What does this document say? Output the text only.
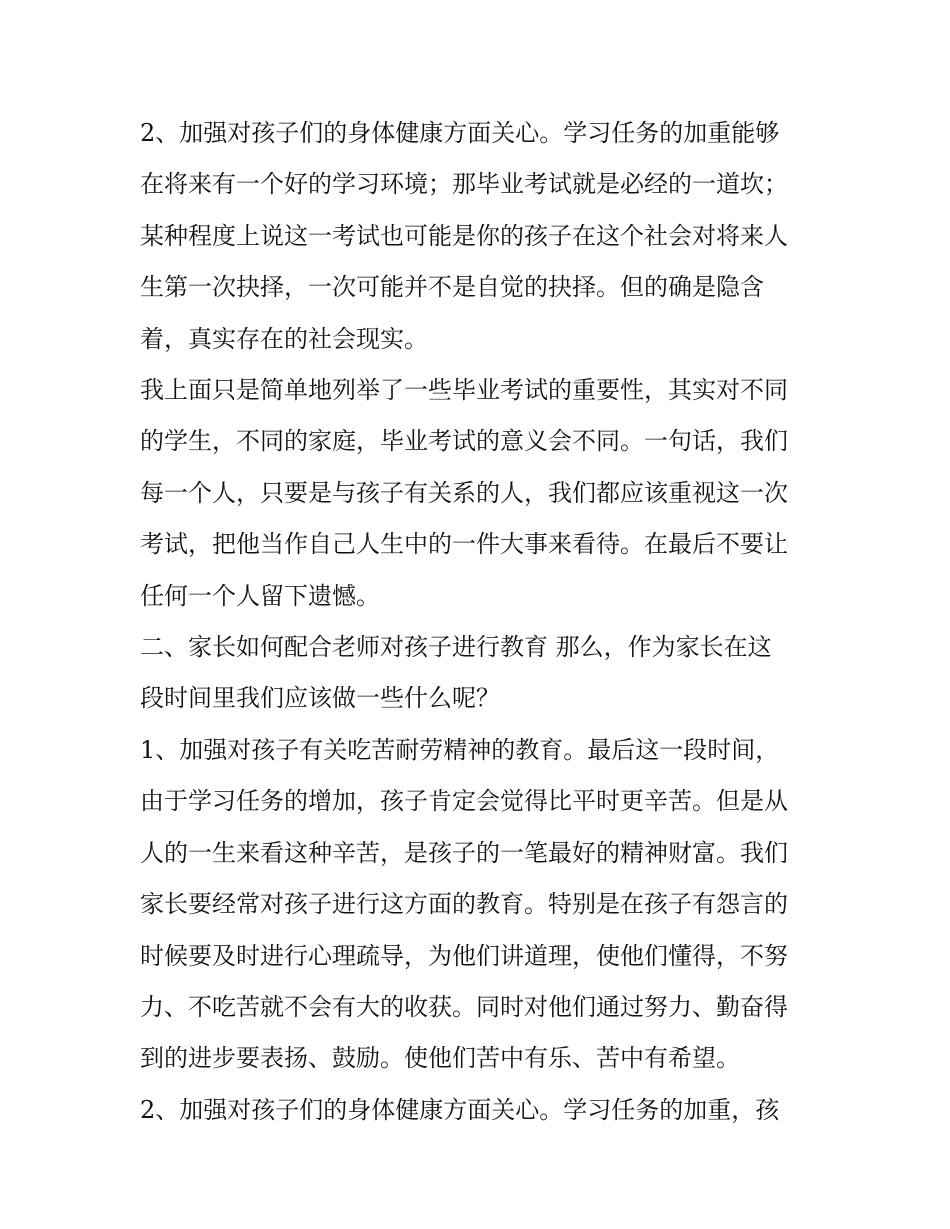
2、加强对孩子们的身体健康方面关心。学习任务的加重能够
在将来有一个好的学习环境；那毕业考试就是必经的一道坎；
某种程度上说这一考试也可能是你的孩子在这个社会对将来人
生第一次抉择，一次可能并不是自觉的抉择。但的确是隐含
着，真实存在的社会现实。

我上面只是简单地列举了一些毕业考试的重要性，其实对不同
的学生，不同的家庭，毕业考试的意义会不同。一句话，我们
每一个人，只要是与孩子有关系的人，我们都应该重视这一次
考试，把他当作自己人生中的一件大事来看待。在最后不要让
任何一个人留下遗憾。

二、家长如何配合老师对孩子进行教育 那么，作为家长在这
段时间里我们应该做一些什么呢？

1、加强对孩子有关吃苦耐劳精神的教育。最后这一段时间，
由于学习任务的增加，孩子肯定会觉得比平时更辛苦。但是从
人的一生来看这种辛苦，是孩子的一笔最好的精神财富。我们
家长要经常对孩子进行这方面的教育。特别是在孩子有怨言的
时候要及时进行心理疏导，为他们讲道理，使他们懂得，不努
力、不吃苦就不会有大的收获。同时对他们通过努力、勤奋得
到的进步要表扬、鼓励。使他们苦中有乐、苦中有希望。

2、加强对孩子们的身体健康方面关心。学习任务的加重，孩
